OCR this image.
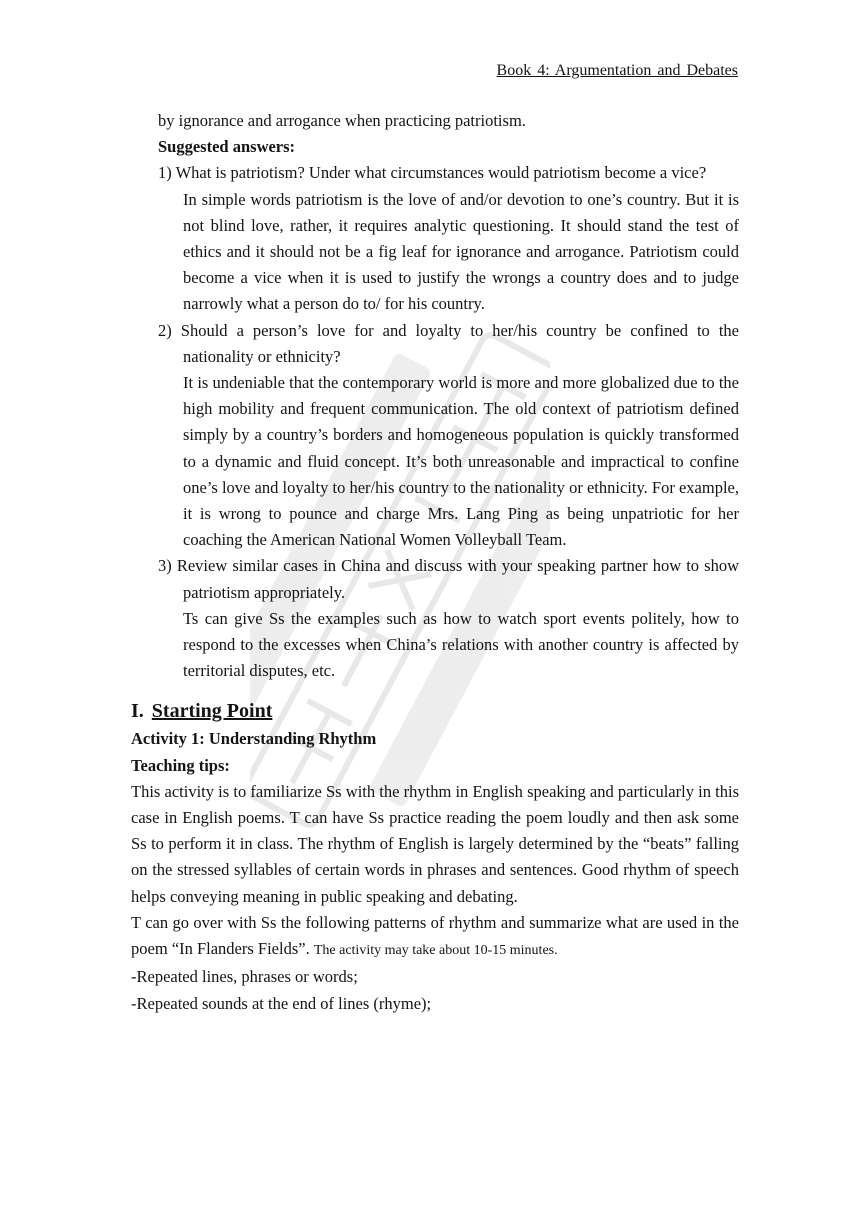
Book 4: Argumentation and Debates

by ignorance and arrogance when practicing patriotism.

Suggested answers:

1) What is patriotism? Under what circumstances would patriotism become a vice?

In simple words patriotism is the love of and/or devotion to one’s country. But it is not blind love, rather, it requires analytic questioning. It should stand the test of ethics and it should not be a fig leaf for ignorance and arrogance. Patriotism could become a vice when it is used to justify the wrongs a country does and to judge narrowly what a person do to/ for his country.

2) Should a person’s love for and loyalty to her/his country be confined to the nationality or ethnicity?

It is undeniable that the contemporary world is more and more globalized due to the high mobility and frequent communication. The old context of patriotism defined simply by a country’s borders and homogeneous population is quickly transformed to a dynamic and fluid concept. It’s both unreasonable and impractical to confine one’s love and loyalty to her/his country to the nationality or ethnicity. For example, it is wrong to pounce and charge Mrs. Lang Ping as being unpatriotic for her coaching the American National Women Volleyball Team.

3) Review similar cases in China and discuss with your speaking partner how to show patriotism appropriately.

Ts can give Ss the examples such as how to watch sport events politely, how to respond to the excesses when China’s relations with another country is affected by territorial disputes, etc.

I. Starting Point

Activity 1: Understanding Rhythm

Teaching tips:

This activity is to familiarize Ss with the rhythm in English speaking and particularly in this case in English poems. T can have Ss practice reading the poem loudly and then ask some Ss to perform it in class. The rhythm of English is largely determined by the “beats” falling on the stressed syllables of certain words in phrases and sentences. Good rhythm of speech helps conveying meaning in public speaking and debating.

T can go over with Ss the following patterns of rhythm and summarize what are used in the poem “In Flanders Fields”. The activity may take about 10-15 minutes.

-Repeated lines, phrases or words;

-Repeated sounds at the end of lines (rhyme);
